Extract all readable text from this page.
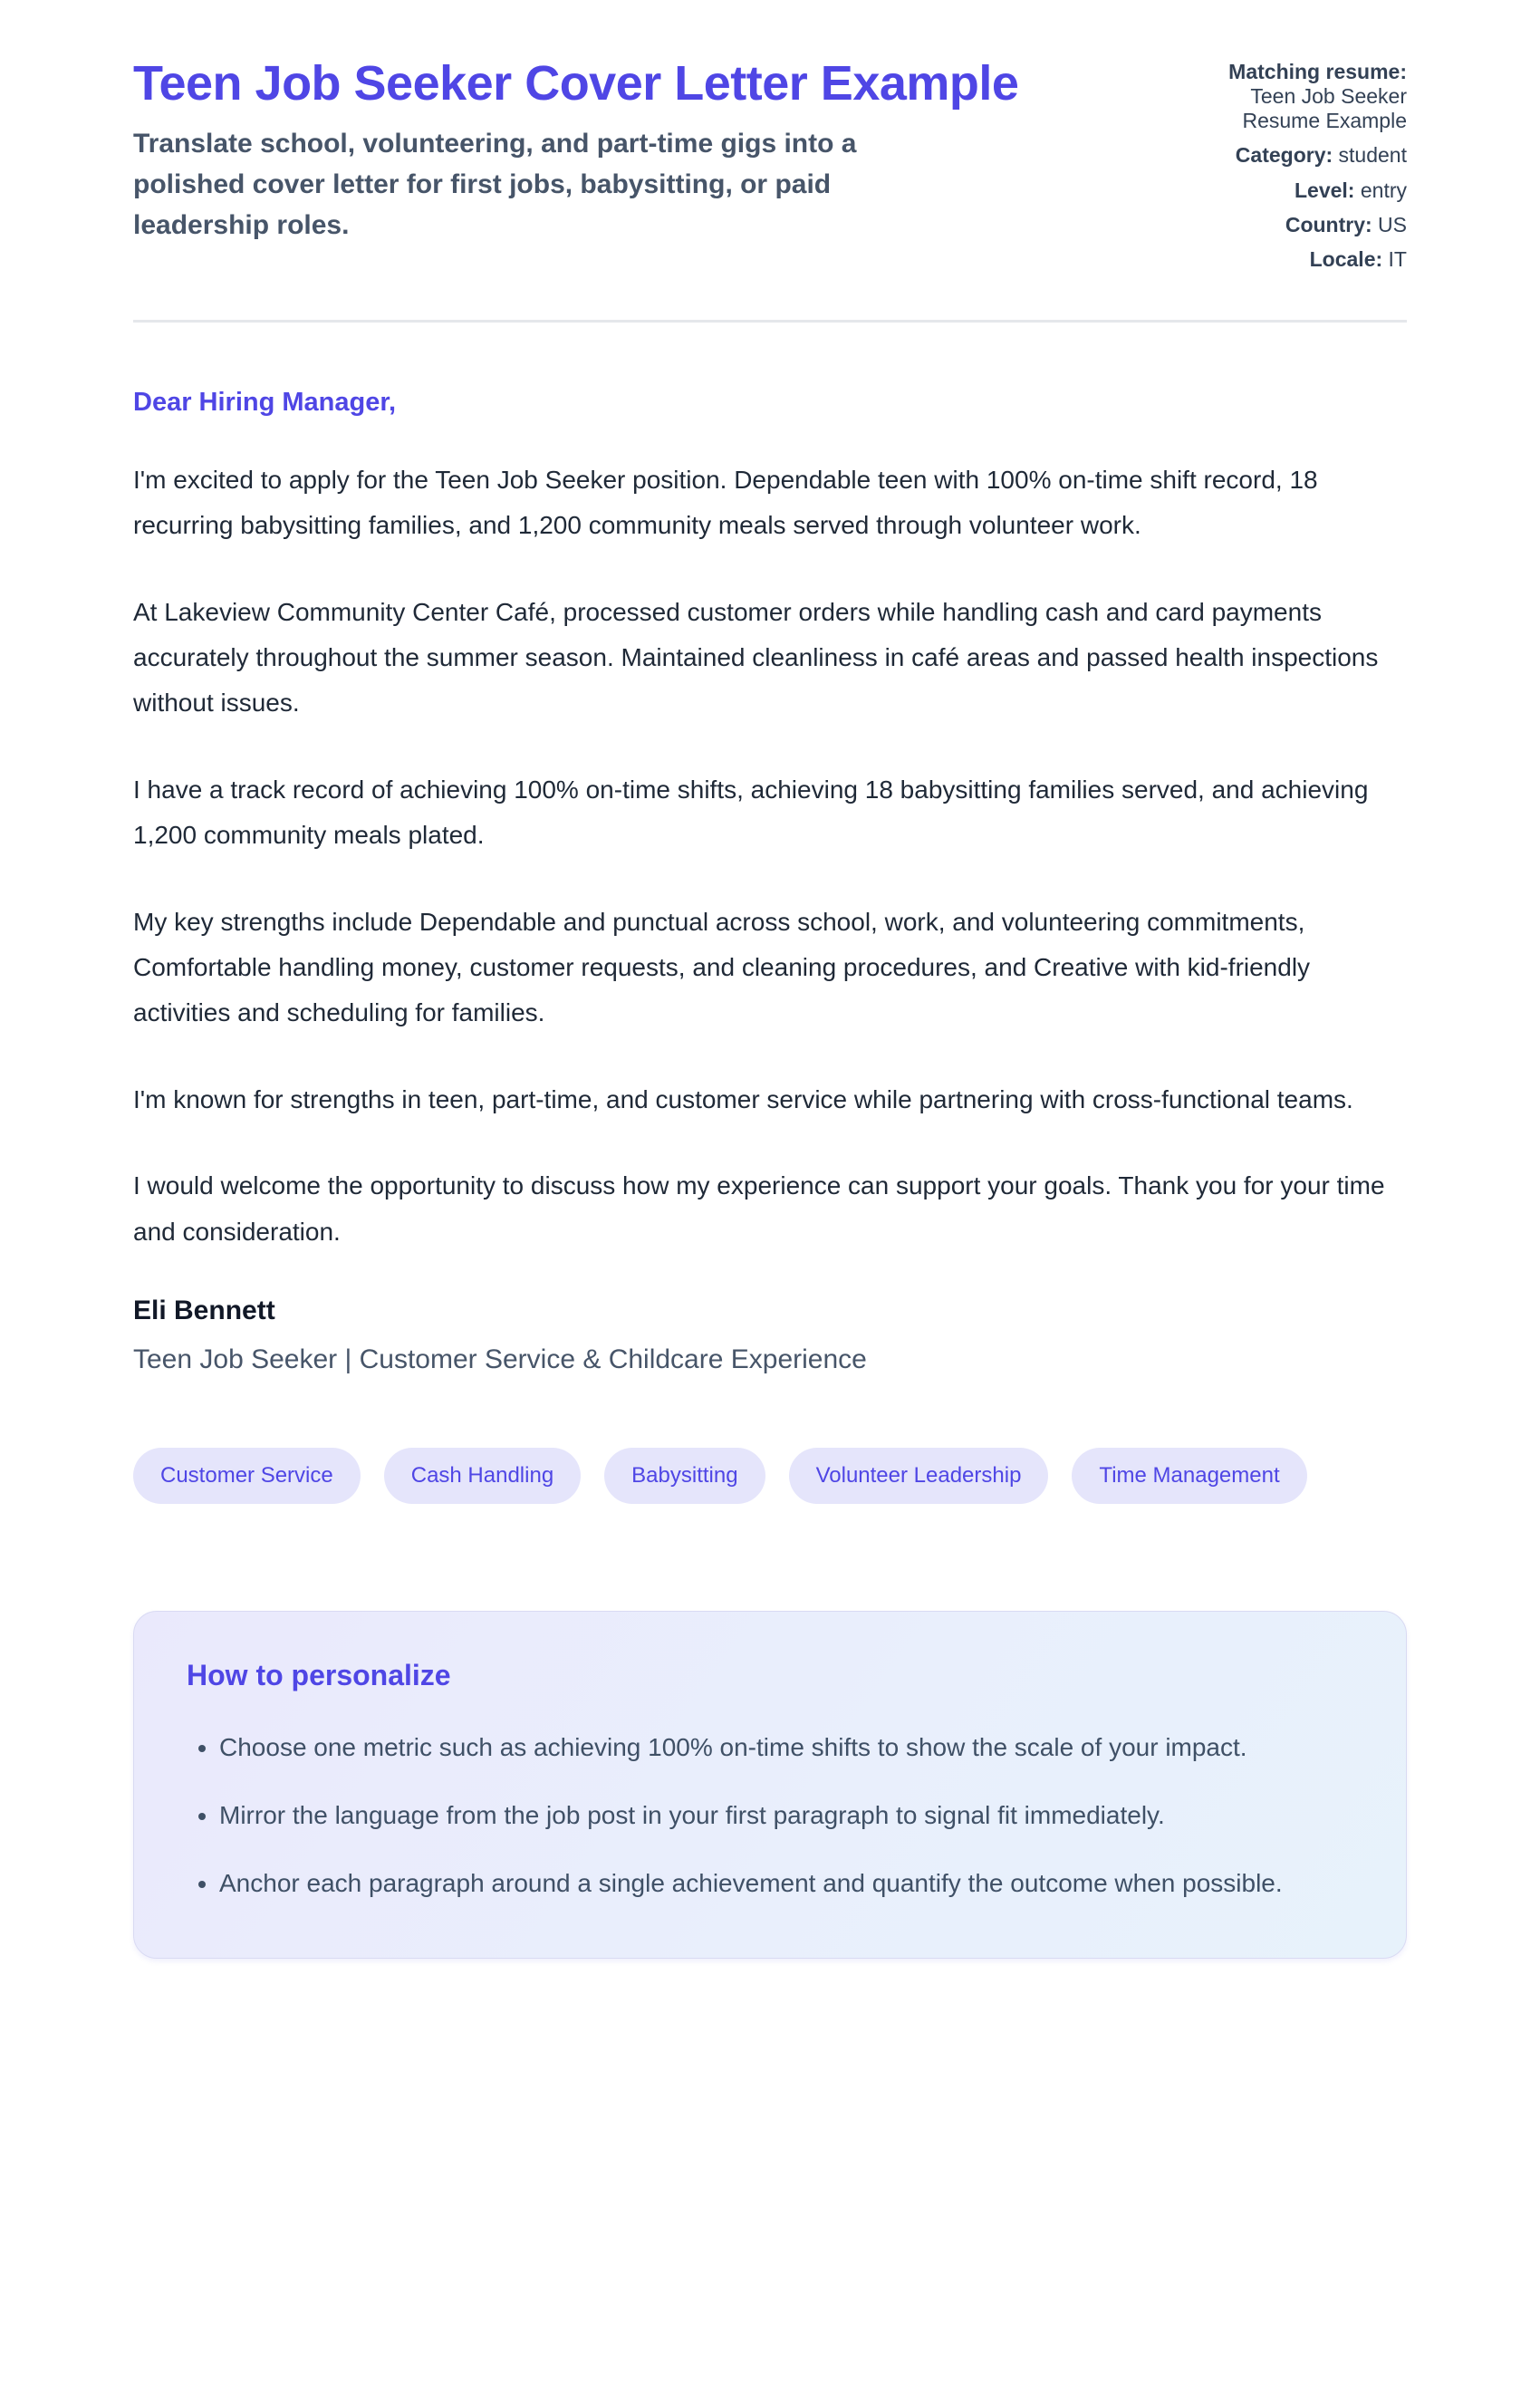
Teen Job Seeker Cover Letter Example

Translate school, volunteering, and part-time gigs into a polished cover letter for first jobs, babysitting, or paid leadership roles.

Matching resume:
Teen Job Seeker Resume Example
Category: student
Level: entry
Country: US
Locale: IT

Dear Hiring Manager,

I'm excited to apply for the Teen Job Seeker position. Dependable teen with 100% on-time shift record, 18 recurring babysitting families, and 1,200 community meals served through volunteer work.

At Lakeview Community Center Café, processed customer orders while handling cash and card payments accurately throughout the summer season. Maintained cleanliness in café areas and passed health inspections without issues.

I have a track record of achieving 100% on-time shifts, achieving 18 babysitting families served, and achieving 1,200 community meals plated.

My key strengths include Dependable and punctual across school, work, and volunteering commitments, Comfortable handling money, customer requests, and cleaning procedures, and Creative with kid-friendly activities and scheduling for families.

I'm known for strengths in teen, part-time, and customer service while partnering with cross-functional teams.

I would welcome the opportunity to discuss how my experience can support your goals. Thank you for your time and consideration.

Eli Bennett

Teen Job Seeker | Customer Service & Childcare Experience

Customer Service	Cash Handling	Babysitting	Volunteer Leadership	Time Management
How to personalize
• Choose one metric such as achieving 100% on-time shifts to show the scale of your impact.
• Mirror the language from the job post in your first paragraph to signal fit immediately.
• Anchor each paragraph around a single achievement and quantify the outcome when possible.
